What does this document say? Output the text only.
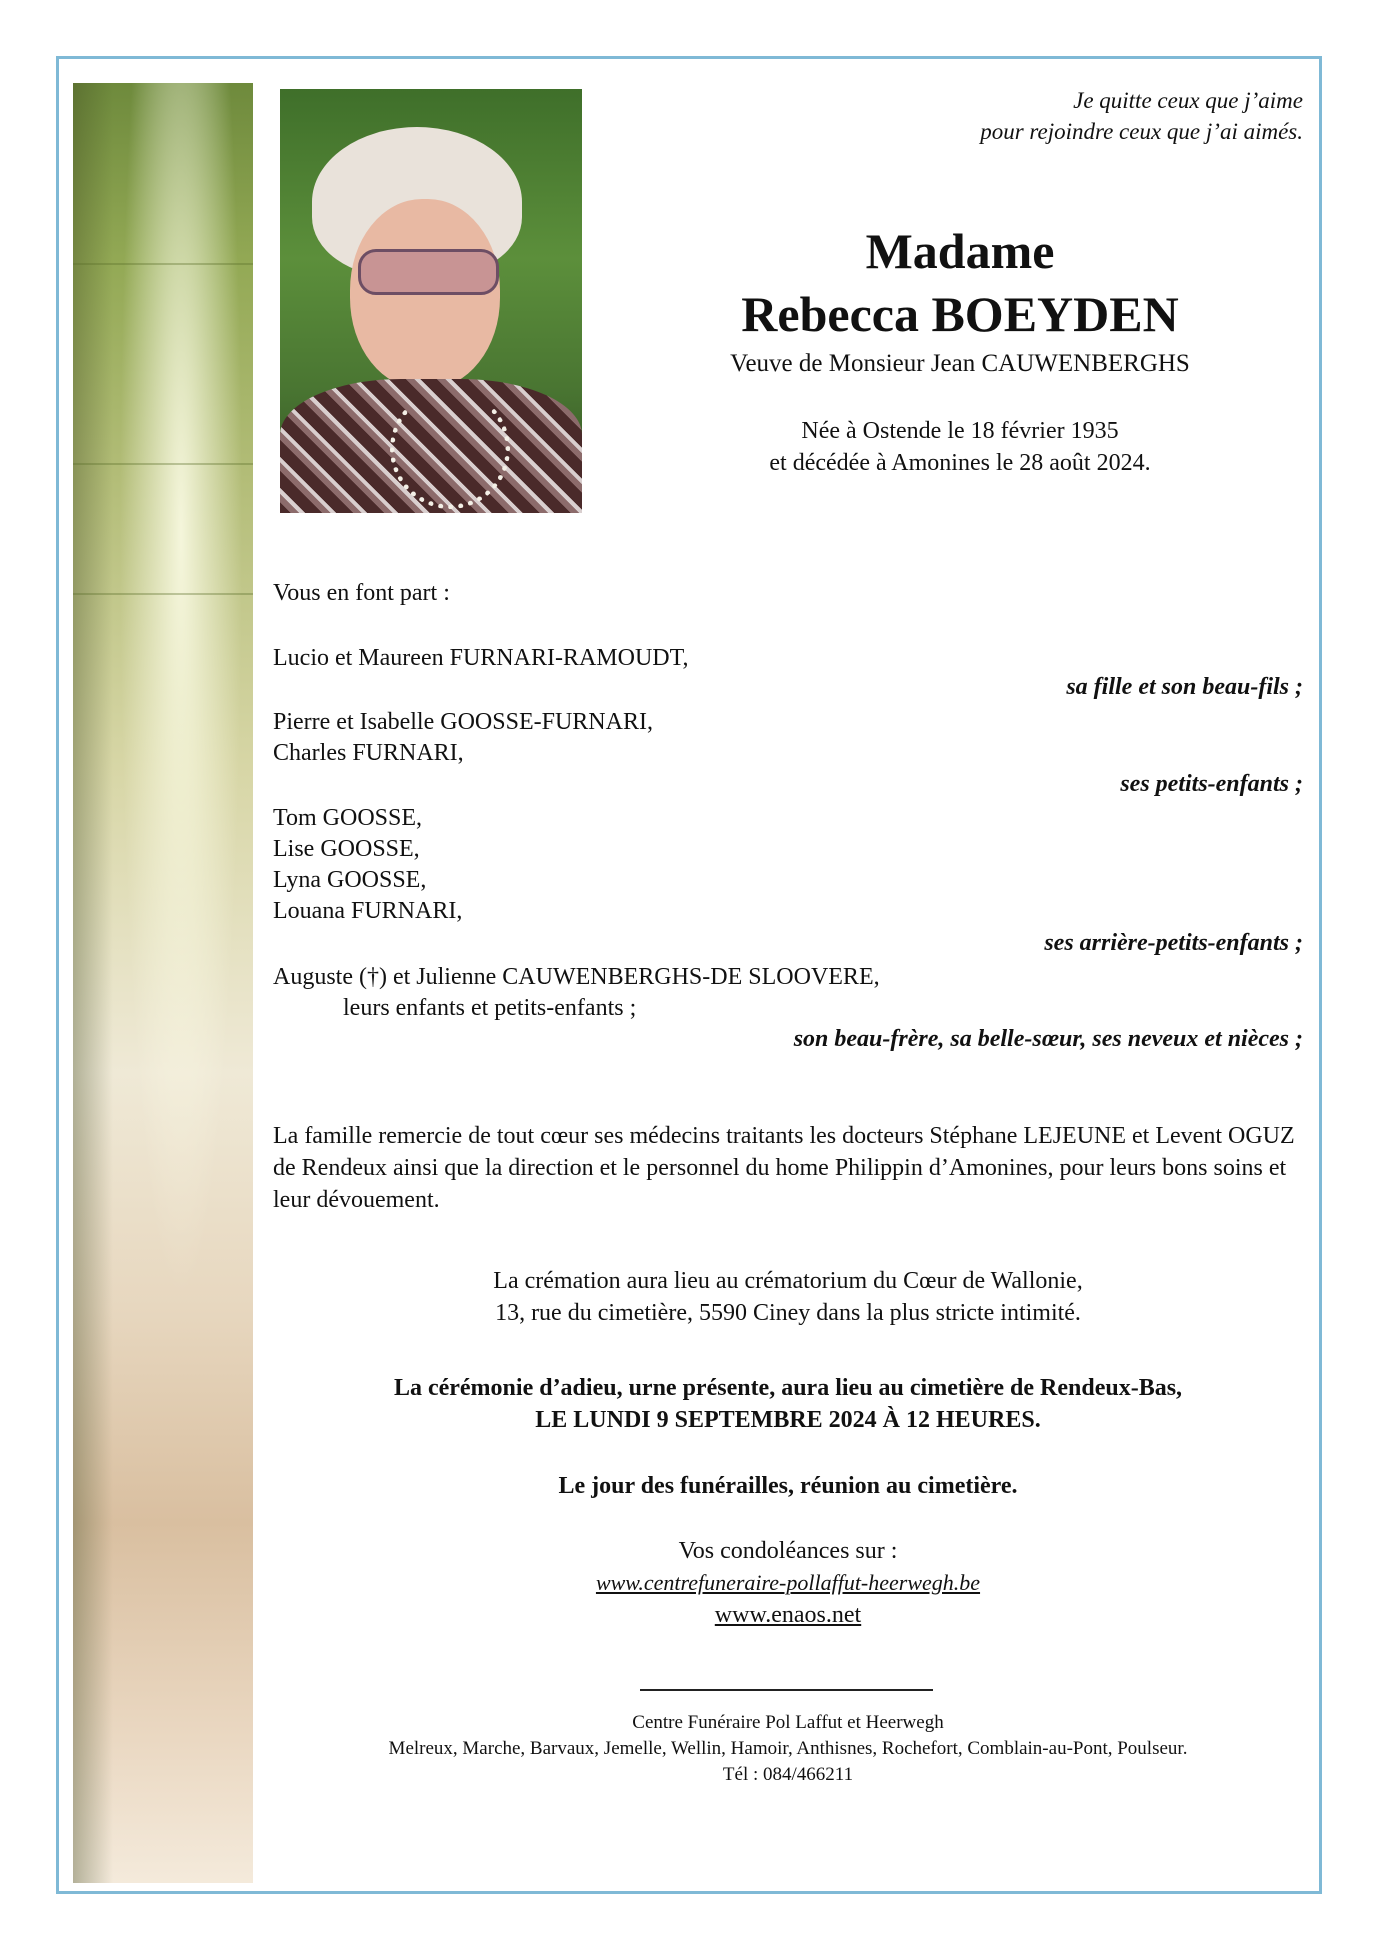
Je quitte ceux que j’aime
pour rejoindre ceux que j’ai aimés.
Madame
Rebecca BOEYDEN
Veuve de Monsieur Jean CAUWENBERGHS
Née à Ostende le 18 février 1935
et décédée à Amonines le 28 août 2024.
Vous en font part :
Lucio et Maureen FURNARI-RAMOUDT,
sa fille et son beau-fils ;
Pierre et Isabelle GOOSSE-FURNARI,
Charles FURNARI,
ses petits-enfants ;
Tom GOOSSE,
Lise GOOSSE,
Lyna GOOSSE,
Louana FURNARI,
ses arrière-petits-enfants ;
Auguste (†) et Julienne CAUWENBERGHS-DE SLOOVERE,
leurs enfants et petits-enfants ;
son beau-frère, sa belle-sœur, ses neveux et nièces ;
La famille remercie de tout cœur ses médecins traitants les docteurs Stéphane LEJEUNE et Levent OGUZ de Rendeux ainsi que la direction et le personnel du home Philippin d’Amonines, pour leurs bons soins et leur dévouement.
La crémation aura lieu au crématorium du Cœur de Wallonie,
13, rue du cimetière, 5590 Ciney dans la plus stricte intimité.
La cérémonie d’adieu, urne présente, aura lieu au cimetière de Rendeux-Bas,
LE LUNDI 9 SEPTEMBRE 2024 À 12 HEURES.
Le jour des funérailles, réunion au cimetière.
Vos condoléances sur :
www.centrefuneraire-pollaffut-heerwegh.be
www.enaos.net
Centre Funéraire Pol Laffut et Heerwegh
Melreux, Marche, Barvaux, Jemelle, Wellin, Hamoir, Anthisnes, Rochefort, Comblain-au-Pont, Poulseur.
Tél : 084/466211
